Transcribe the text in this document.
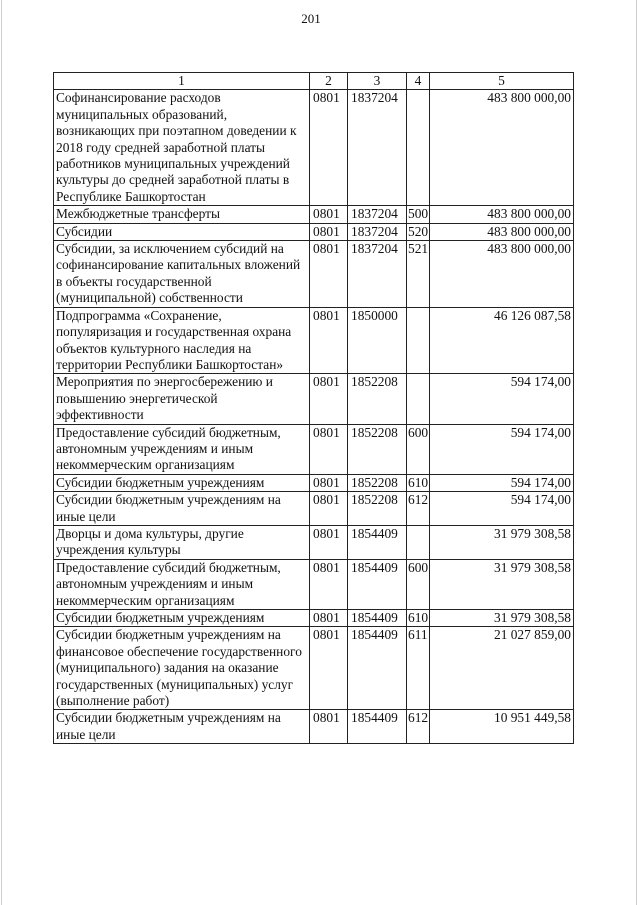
201
1	2	3	4	5
Софинансирование расходов муниципальных образований, возникающих при поэтапном доведении к 2018 году средней заработной платы работников муниципальных учреждений культуры до средней заработной платы в Республике Башкортостан	0801	1837204		483 800 000,00
Межбюджетные трансферты	0801	1837204	500	483 800 000,00
Субсидии	0801	1837204	520	483 800 000,00
Субсидии, за исключением субсидий на софинансирование капитальных вложений в объекты государственной (муниципальной) собственности	0801	1837204	521	483 800 000,00
Подпрограмма «Сохранение, популяризация и государственная охрана объектов культурного наследия на территории Республики Башкортостан»	0801	1850000		46 126 087,58
Мероприятия по энергосбережению и повышению энергетической эффективности	0801	1852208		594 174,00
Предоставление субсидий бюджетным, автономным учреждениям и иным некоммерческим организациям	0801	1852208	600	594 174,00
Субсидии бюджетным учреждениям	0801	1852208	610	594 174,00
Субсидии бюджетным учреждениям на иные цели	0801	1852208	612	594 174,00
Дворцы и дома культуры, другие учреждения культуры	0801	1854409		31 979 308,58
Предоставление субсидий бюджетным, автономным учреждениям и иным некоммерческим организациям	0801	1854409	600	31 979 308,58
Субсидии бюджетным учреждениям	0801	1854409	610	31 979 308,58
Субсидии бюджетным учреждениям на финансовое обеспечение государственного (муниципального) задания на оказание государственных (муниципальных) услуг (выполнение работ)	0801	1854409	611	21 027 859,00
Субсидии бюджетным учреждениям на иные цели	0801	1854409	612	10 951 449,58
